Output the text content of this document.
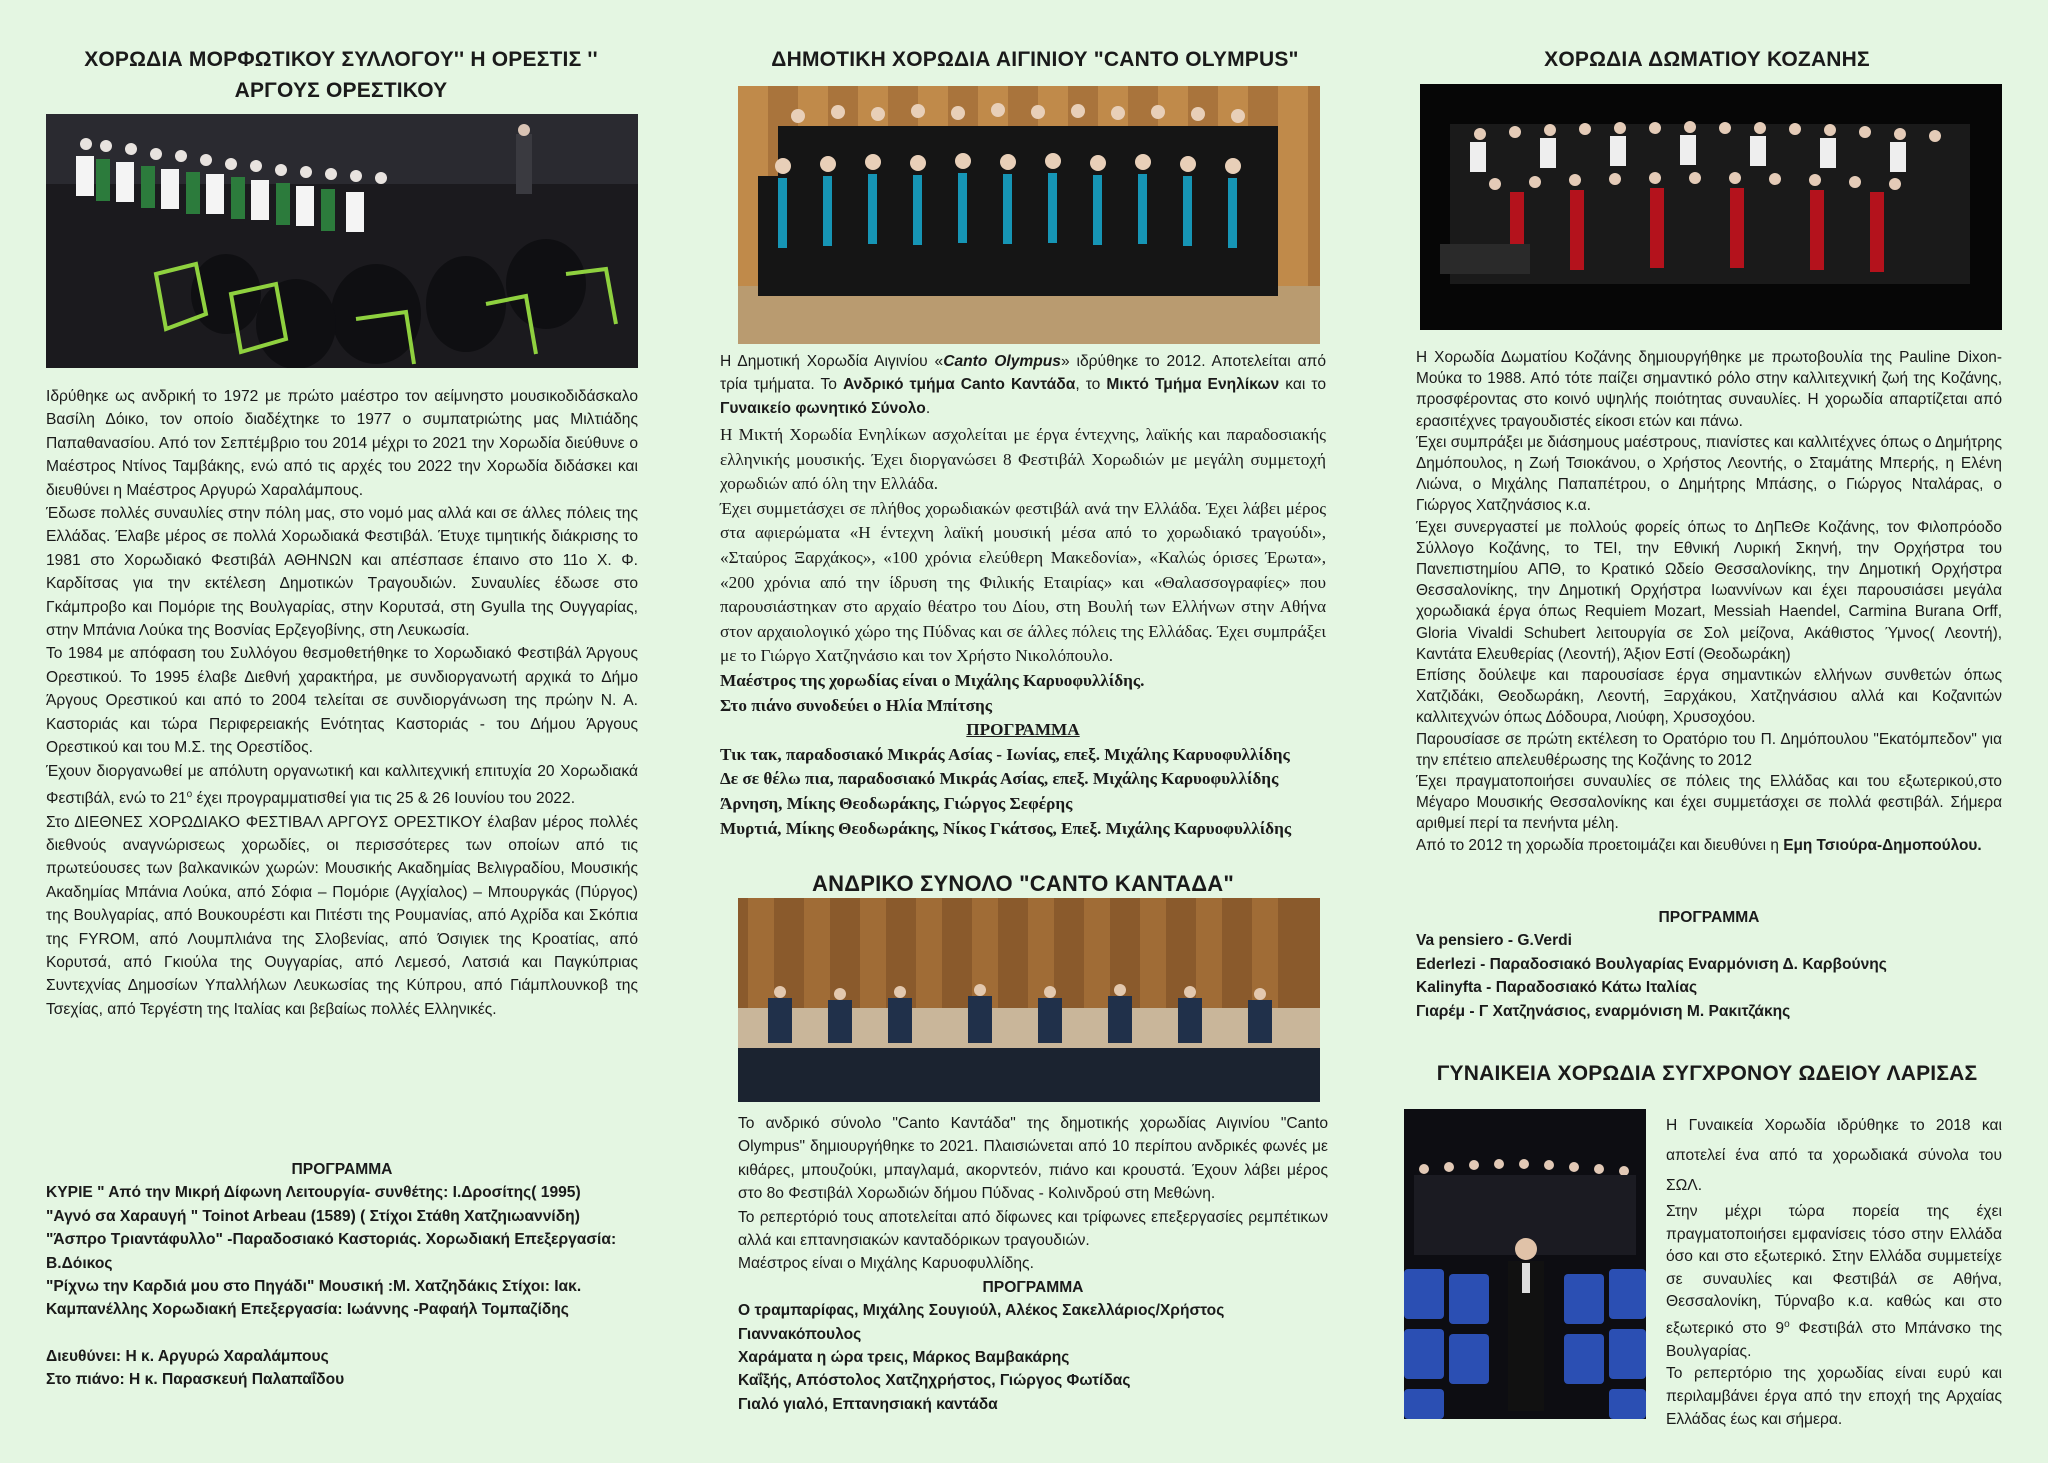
ΧΟΡΩΔΙΑ ΜΟΡΦΩΤΙΚΟΥ ΣΥΛΛΟΓΟΥ'' Η ΟΡΕΣΤΙΣ ''
ΑΡΓΟΥΣ ΟΡΕΣΤΙΚΟΥ

Ιδρύθηκε ως ανδρική το 1972 με πρώτο μαέστρο τον αείμνηστο μουσικοδιδάσκαλο Βασίλη Δόικο, τον οποίο διαδέχτηκε το 1977 ο συμπατριώτης μας Μιλτιάδης Παπαθανασίου. Από τον Σεπτέμβριο του 2014 μέχρι το 2021 την Χορωδία διεύθυνε ο Μαέστρος Ντίνος Ταμβάκης, ενώ από τις αρχές του 2022 την Χορωδία διδάσκει και διευθύνει η Μαέστρος Αργυρώ Χαραλάμπους.

Έδωσε πολλές συναυλίες στην πόλη μας, στο νομό μας αλλά και σε άλλες πόλεις της Ελλάδας. Έλαβε μέρος σε πολλά Χορωδιακά Φεστιβάλ. Έτυχε τιμητικής διάκρισης το 1981 στο Χορωδιακό Φεστιβάλ ΑΘΗΝΩΝ και απέσπασε έπαινο στο 11ο Χ. Φ. Καρδίτσας για την εκτέλεση Δημοτικών Τραγουδιών. Συναυλίες έδωσε στο Γκάμπροβο και Πομόριε της Βουλγαρίας, στην Κορυτσά, στη Gyulla της Ουγγαρίας, στην Μπάνια Λούκα της Βοσνίας Ερζεγοβίνης, στη Λευκωσία.

Το 1984 με απόφαση του Συλλόγου θεσμοθετήθηκε το Χορωδιακό Φεστιβάλ Άργους Ορεστικού. Το 1995 έλαβε Διεθνή χαρακτήρα, με συνδιοργανωτή αρχικά το Δήμο Άργους Ορεστικού και από το 2004 τελείται σε συνδιοργάνωση της πρώην Ν. Α. Καστοριάς και τώρα Περιφερειακής Ενότητας Καστοριάς - του Δήμου Άργους Ορεστικού και του Μ.Σ. της Ορεστίδος.

Έχουν διοργανωθεί με απόλυτη οργανωτική και καλλιτεχνική επιτυχία 20 Χορωδιακά Φεστιβάλ, ενώ το $21^o$ έχει προγραμματισθεί για τις 25 & 26 Ιουνίου του 2022.

Στο ΔΙΕΘΝΕΣ ΧΟΡΩΔΙΑΚΟ ΦΕΣΤΙΒΑΛ ΑΡΓΟΥΣ ΟΡΕΣΤΙΚΟΥ έλαβαν μέρος πολλές διεθνούς αναγνώρισεως χορωδίες, οι περισσότερες των οποίων από τις πρωτεύουσες των βαλκανικών χωρών: Μουσικής Ακαδημίας Βελιγραδίου, Μουσικής Ακαδημίας Μπάνια Λούκα, από Σόφια – Πομόριε (Αγχίαλος) – Μπουργκάς (Πύργος) της Βουλγαρίας, από Βουκουρέστι και Πιτέστι της Ρουμανίας, από Αχρίδα και Σκόπια της FYROM, από Λουμπλιάνα της Σλοβενίας, από Όσιγιεκ της Κροατίας, από Κορυτσά, από Γκιούλα της Ουγγαρίας, από Λεμεσό, Λατσιά και Παγκύπριας Συντεχνίας Δημοσίων Υπαλλήλων Λευκωσίας της Κύπρου, από Γιάμπλουνκοβ της Τσεχίας, από Τεργέστη της Ιταλίας και βεβαίως πολλές Ελληνικές.

ΠΡΟΓΡΑΜΜΑ

ΚΥΡΙΕ " Από την Μικρή Δίφωνη Λειτουργία- συνθέτης: Ι.Δροσίτης( 1995)

"Αγνό σα Χαραυγή " Toinot Arbeau (1589) ( Στίχοι Στάθη Χατζηιωαννίδη)

"Άσπρο Τριαντάφυλλο" -Παραδοσιακό Καστοριάς. Χορωδιακή Επεξεργασία: Β.Δόικος

"Ρίχνω την Καρδιά μου στο Πηγάδι" Μουσική :Μ. Χατζηδάκις Στίχοι: Ιακ. Καμπανέλλης Χορωδιακή Επεξεργασία: Ιωάννης -Ραφαήλ Τομπαζίδης

Διευθύνει: Η κ. Αργυρώ Χαραλάμπους

Στο πιάνο: Η κ. Παρασκευή Παλαπαΐδου

ΔΗΜΟΤΙΚΗ ΧΟΡΩΔΙΑ ΑΙΓΙΝΙΟΥ "CANTO OLYMPUS"

Η Δημοτική Χορωδία Αιγινίου «Canto Olympus» ιδρύθηκε το 2012. Αποτελείται από τρία τμήματα. Το Ανδρικό τμήμα Canto Καντάδα, το Μικτό Τμήμα Ενηλίκων και το Γυναικείο φωνητικό Σύνολο.

Η Μικτή Χορωδία Ενηλίκων ασχολείται με έργα έντεχνης, λαϊκής και παραδοσιακής ελληνικής μουσικής. Έχει διοργανώσει 8 Φεστιβάλ Χορωδιών με μεγάλη συμμετοχή χορωδιών από όλη την Ελλάδα.

Έχει συμμετάσχει σε πλήθος χορωδιακών φεστιβάλ ανά την Ελλάδα. Έχει λάβει μέρος στα αφιερώματα «Η έντεχνη λαϊκή μουσική μέσα από το χορωδιακό τραγούδι», «Σταύρος Ξαρχάκος», «100 χρόνια ελεύθερη Μακεδονία», «Καλώς όρισες Έρωτα», «200 χρόνια από την ίδρυση της Φιλικής Εταιρίας» και «Θαλασσογραφίες» που παρουσιάστηκαν στο αρχαίο θέατρο του Δίου, στη Βουλή των Ελλήνων στην Αθήνα στον αρχαιολογικό χώρο της Πύδνας και σε άλλες πόλεις της Ελλάδας. Έχει συμπράξει με το Γιώργο Χατζηνάσιο και τον Χρήστο Νικολόπουλο.

Μαέστρος της χορωδίας είναι ο Μιχάλης Καρυοφυλλίδης.

Στο πιάνο συνοδεύει ο Ηλία Μπίτσης

ΠΡΟΓΡΑΜΜΑ

Τικ τακ, παραδοσιακό Μικράς Ασίας - Ιωνίας, επεξ. Μιχάλης Καρυοφυλλίδης

Δε σε θέλω πια, παραδοσιακό Μικράς Ασίας, επεξ. Μιχάλης Καρυοφυλλίδης

Άρνηση, Μίκης Θεοδωράκης, Γιώργος Σεφέρης

Μυρτιά, Μίκης Θεοδωράκης, Νίκος Γκάτσος, Επεξ. Μιχάλης Καρυοφυλλίδης

ΑΝΔΡΙΚΟ ΣΥΝΟΛΟ "CANTO ΚΑΝΤΑΔΑ"

Το ανδρικό σύνολο "Canto Καντάδα" της δημοτικής χορωδίας Αιγινίου "Canto Olympus" δημιουργήθηκε το 2021. Πλαισιώνεται από 10 περίπου ανδρικές φωνές με κιθάρες, μπουζούκι, μπαγλαμά, ακορντεόν, πιάνο και κρουστά. Έχουν λάβει μέρος στο 8ο Φεστιβάλ Χορωδιών δήμου Πύδνας - Κολινδρού στη Μεθώνη.

Το ρεπερτόριό τους αποτελείται από δίφωνες και τρίφωνες επεξεργασίες ρεμπέτικων αλλά και επτανησιακών κανταδόρικων τραγουδιών.

Μαέστρος είναι ο Μιχάλης Καρυοφυλλίδης.

ΠΡΟΓΡΑΜΜΑ

Ο τραμπαρίφας, Μιχάλης Σουγιούλ, Αλέκος Σακελλάριος/Χρήστος Γιαννακόπουλος

Χαράματα η ώρα τρεις, Μάρκος Βαμβακάρης

Καΐξής, Απόστολος Χατζηχρήστος, Γιώργος Φωτίδας

Γιαλό γιαλό, Επτανησιακή καντάδα

ΧΟΡΩΔΙΑ ΔΩΜΑΤΙΟΥ ΚΟΖΑΝΗΣ

Η Χορωδία Δωματίου Κοζάνης δημιουργήθηκε με πρωτοβουλία της Pauline Dixon- Μούκα το 1988. Από τότε παίζει σημαντικό ρόλο στην καλλιτεχνική ζωή της Κοζάνης, προσφέροντας στο κοινό υψηλής ποιότητας συναυλίες. Η χορωδία απαρτίζεται από ερασιτέχνες τραγουδιστές είκοσι ετών και πάνω.

Έχει συμπράξει με διάσημους μαέστρους, πιανίστες και καλλιτέχνες όπως ο Δημήτρης Δημόπουλος, η Ζωή Τσιοκάνου, ο Χρήστος Λεοντής, ο Σταμάτης Μπερής, η Ελένη Λιώνα, ο Μιχάλης Παπαπέτρου, ο Δημήτρης Μπάσης, ο Γιώργος Νταλάρας, ο Γιώργος Χατζηνάσιος κ.α.

Έχει συνεργαστεί με πολλούς φορείς όπως το ΔηΠεΘε Κοζάνης, τον Φιλοπρόοδο Σύλλογο Κοζάνης, το ΤΕΙ, την Εθνική Λυρική Σκηνή, την Ορχήστρα του Πανεπιστημίου ΑΠΘ, το Κρατικό Ωδείο Θεσσαλονίκης, την Δημοτική Ορχήστρα Θεσσαλονίκης, την Δημοτική Ορχήστρα Ιωαννίνων και έχει παρουσιάσει μεγάλα χορωδιακά έργα όπως Requiem Mozart, Messiah Haendel, Carmina Burana Orff, Gloria Vivaldi Schubert λειτουργία σε Σολ μείζονα, Ακάθιστος Ύμνος( Λεοντή), Καντάτα Ελευθερίας (Λεοντή), Άξιον Εστί (Θεοδωράκη)

Επίσης δούλεψε και παρουσίασε έργα σημαντικών ελλήνων συνθετών όπως Χατζιδάκι, Θεοδωράκη, Λεοντή, Ξαρχάκου, Χατζηνάσιου αλλά και Κοζανιτών καλλιτεχνών όπως Δόδουρα, Λιούφη, Χρυσοχόου.

Παρουσίασε σε πρώτη εκτέλεση το Ορατόριο του Π. Δημόπουλου "Εκατόμπεδον" για την επέτειο απελευθέρωσης της Κοζάνης το 2012

Έχει πραγματοποιήσει συναυλίες σε πόλεις της Ελλάδας και του εξωτερικού,στο Μέγαρο Μουσικής Θεσσαλονίκης και έχει συμμετάσχει σε πολλά φεστιβάλ. Σήμερα αριθμεί περί τα πενήντα μέλη.

Από το 2012 τη χορωδία προετοιμάζει και διευθύνει η Εμη Τσιούρα-Δημοπούλου.

ΠΡΟΓΡΑΜΜΑ

Va pensiero - G.Verdi

Ederlezi - Παραδοσιακό Βουλγαρίας Εναρμόνιση Δ. Καρβούνης

Kalinyfta - Παραδοσιακό Κάτω Ιταλίας

Γιαρέμ - Γ Χατζηνάσιος, εναρμόνιση Μ. Ρακιτζάκης

ΓΥΝΑΙΚΕΙΑ ΧΟΡΩΔΙΑ ΣΥΓΧΡΟΝΟΥ ΩΔΕΙΟΥ ΛΑΡΙΣΑΣ

Η Γυναικεία Χορωδία ιδρύθηκε το 2018 και αποτελεί ένα από τα χορωδιακά σύνολα του ΣΩΛ.

Στην μέχρι τώρα πορεία της έχει πραγματοποιήσει εμφανίσεις τόσο στην Ελλάδα όσο και στο εξωτερικό. Στην Ελλάδα συμμετείχε σε συναυλίες και Φεστιβάλ σε Αθήνα, Θεσσαλονίκη, Τύρναβο κ.α. καθώς και στο εξωτερικό στο $9^o$ Φεστιβάλ στο Μπάνσκο της Βουλγαρίας.

Το ρεπερτόριο της χορωδίας είναι ευρύ και περιλαμβάνει έργα από την εποχή της Αρχαίας Ελλάδας έως και σήμερα.
